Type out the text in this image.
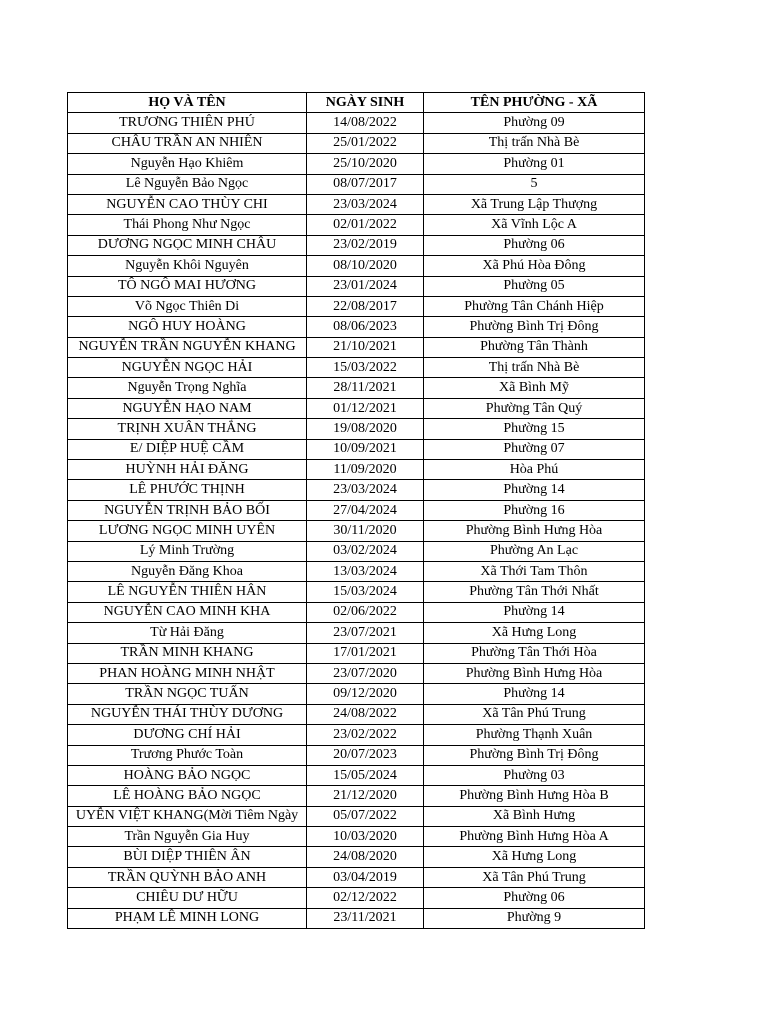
HỌ VÀ TÊN	NGÀY SINH	TÊN PHƯỜNG - XÃ
TRƯƠNG THIÊN PHÚ	14/08/2022	Phường 09
CHÂU TRẦN AN NHIÊN	25/01/2022	Thị trấn Nhà Bè
Nguyễn Hạo Khiêm	25/10/2020	Phường 01
Lê Nguyễn Bảo Ngọc	08/07/2017	5
NGUYỄN CAO THÙY CHI	23/03/2024	Xã Trung Lập Thượng
Thái Phong Như Ngọc	02/01/2022	Xã Vĩnh Lộc A
DƯƠNG NGỌC MINH CHÂU	23/02/2019	Phường 06
Nguyễn Khôi Nguyên	08/10/2020	Xã Phú Hòa Đông
TÔ NGÔ MAI HƯƠNG	23/01/2024	Phường 05
Võ Ngọc Thiên Di	22/08/2017	Phường Tân Chánh Hiệp
NGÔ HUY HOÀNG	08/06/2023	Phường Bình Trị Đông
NGUYỄN TRẦN NGUYỄN KHANG	21/10/2021	Phường Tân Thành
NGUYỄN NGỌC HẢI	15/03/2022	Thị trấn Nhà Bè
Nguyễn Trọng Nghĩa	28/11/2021	Xã Bình Mỹ
NGUYỄN HẠO NAM	01/12/2021	Phường Tân Quý
TRỊNH XUÂN THẮNG	19/08/2020	Phường 15
E/ DIỆP HUỆ CẦM	10/09/2021	Phường 07
HUỲNH HẢI ĐĂNG	11/09/2020	Hòa Phú
LÊ PHƯỚC THỊNH	23/03/2024	Phường 14
NGUYỄN TRỊNH BẢO BỐI	27/04/2024	Phường 16
LƯƠNG NGỌC MINH UYÊN	30/11/2020	Phường Bình Hưng Hòa
Lý Minh Trường	03/02/2024	Phường An Lạc
Nguyễn Đăng Khoa	13/03/2024	Xã Thới Tam Thôn
LÊ NGUYỄN THIÊN HÂN	15/03/2024	Phường Tân Thới Nhất
NGUYỄN CAO MINH KHA	02/06/2022	Phường 14
Từ Hải Đăng	23/07/2021	Xã Hưng Long
TRẦN MINH KHANG	17/01/2021	Phường Tân Thới Hòa
PHAN HOÀNG MINH NHẬT	23/07/2020	Phường Bình Hưng Hòa
TRẦN NGỌC TUẤN	09/12/2020	Phường 14
NGUYỄN THÁI THÙY DƯƠNG	24/08/2022	Xã Tân Phú Trung
DƯƠNG CHÍ HẢI	23/02/2022	Phường Thạnh Xuân
Trương Phước Toàn	20/07/2023	Phường Bình Trị Đông
HOÀNG BẢO NGỌC	15/05/2024	Phường 03
LÊ HOÀNG BẢO NGỌC	21/12/2020	Phường Bình Hưng Hòa B
UYỄN VIỆT KHANG(Mời Tiêm Ngày	05/07/2022	Xã Bình Hưng
Trần Nguyễn Gia Huy	10/03/2020	Phường Bình Hưng Hòa A
BÙI DIỆP THIÊN ÂN	24/08/2020	Xã Hưng Long
TRẦN QUỲNH BẢO ANH	03/04/2019	Xã Tân Phú Trung
CHIÊU DƯ HỮU	02/12/2022	Phường 06
PHẠM LÊ MINH LONG	23/11/2021	Phường 9
